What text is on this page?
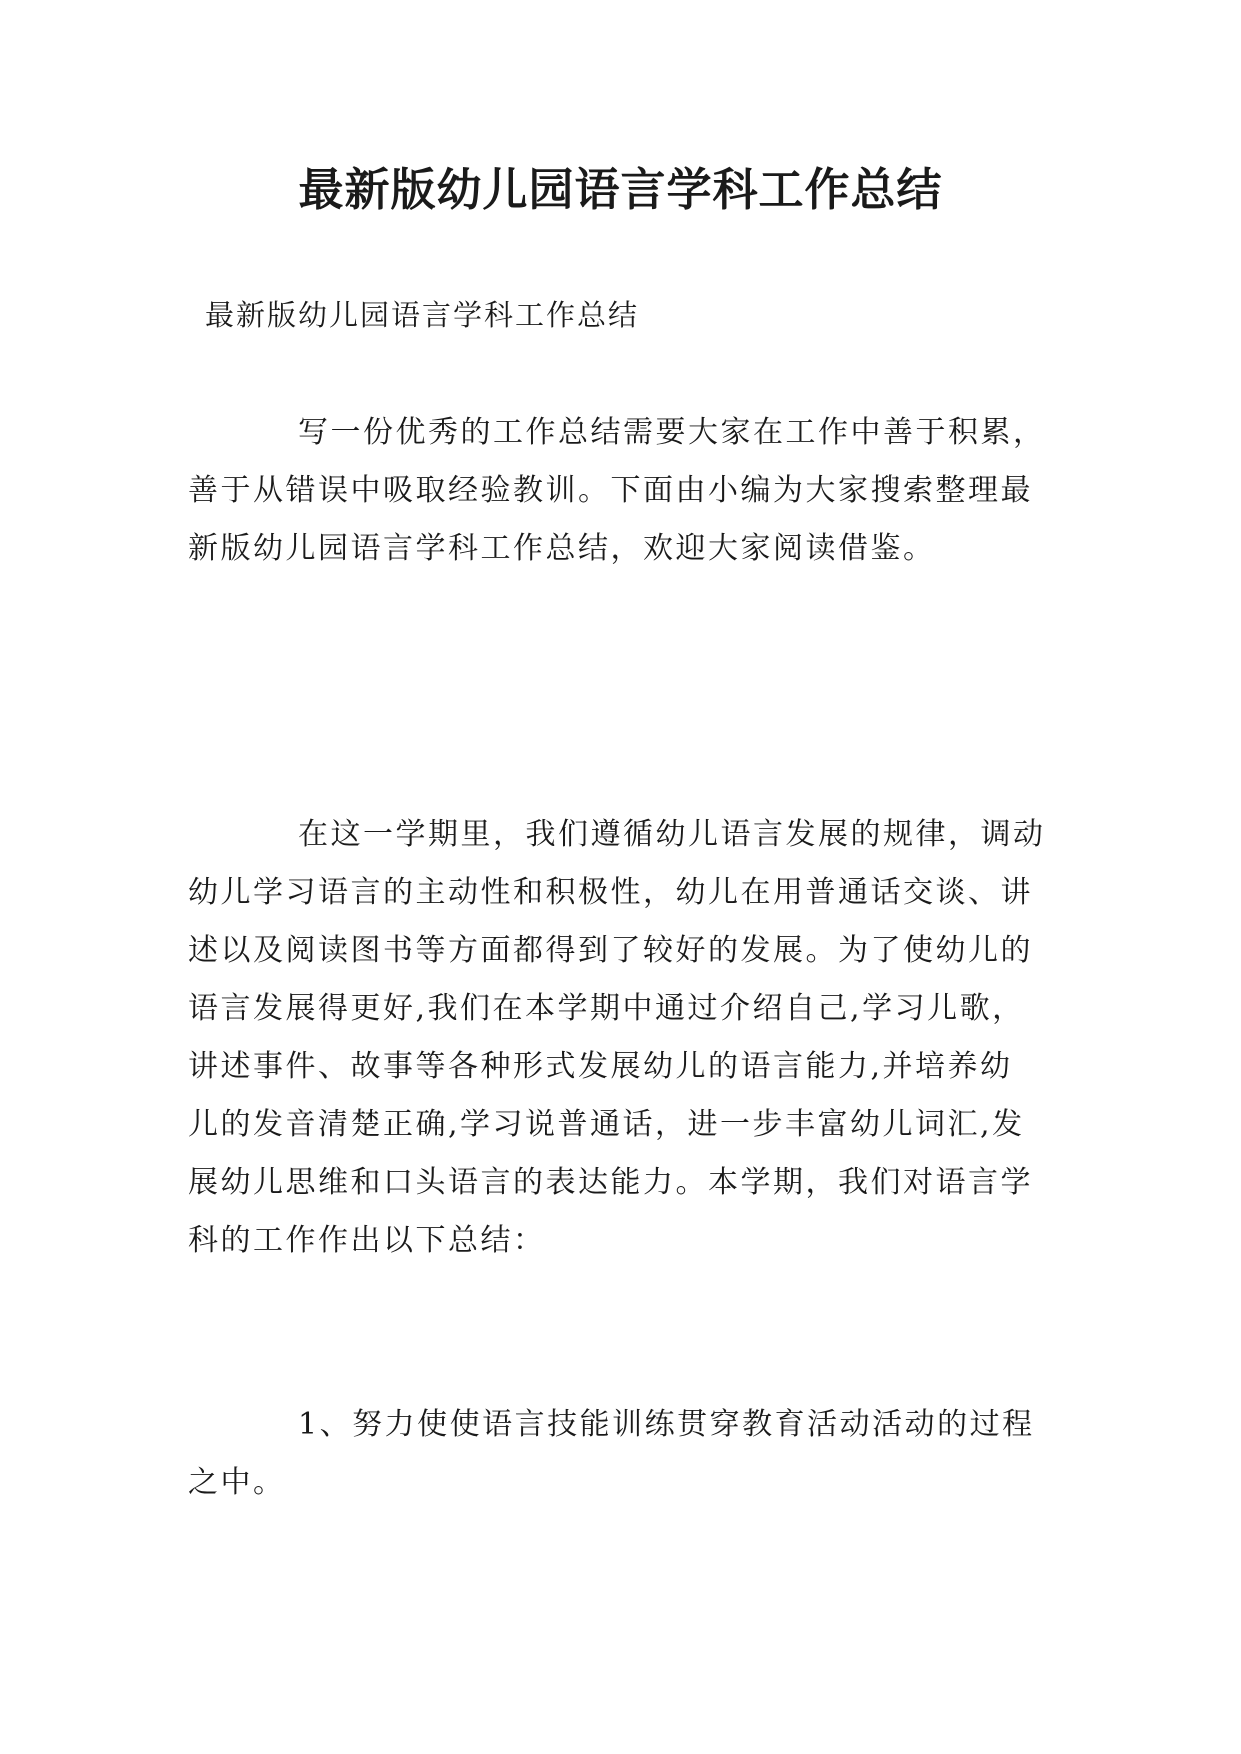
最新版幼儿园语言学科工作总结

最新版幼儿园语言学科工作总结

写一份优秀的工作总结需要大家在工作中善于积累，
善于从错误中吸取经验教训。下面由小编为大家搜索整理最
新版幼儿园语言学科工作总结，欢迎大家阅读借鉴。
在这一学期里，我们遵循幼儿语言发展的规律，调动
幼儿学习语言的主动性和积极性，幼儿在用普通话交谈、讲
述以及阅读图书等方面都得到了较好的发展。为了使幼儿的
语言发展得更好,我们在本学期中通过介绍自己,学习儿歌，
讲述事件、故事等各种形式发展幼儿的语言能力,并培养幼
儿的发音清楚正确,学习说普通话，进一步丰富幼儿词汇,发
展幼儿思维和口头语言的表达能力。本学期，我们对语言学
科的工作作出以下总结：
1、努力使使语言技能训练贯穿教育活动活动的过程
之中。
